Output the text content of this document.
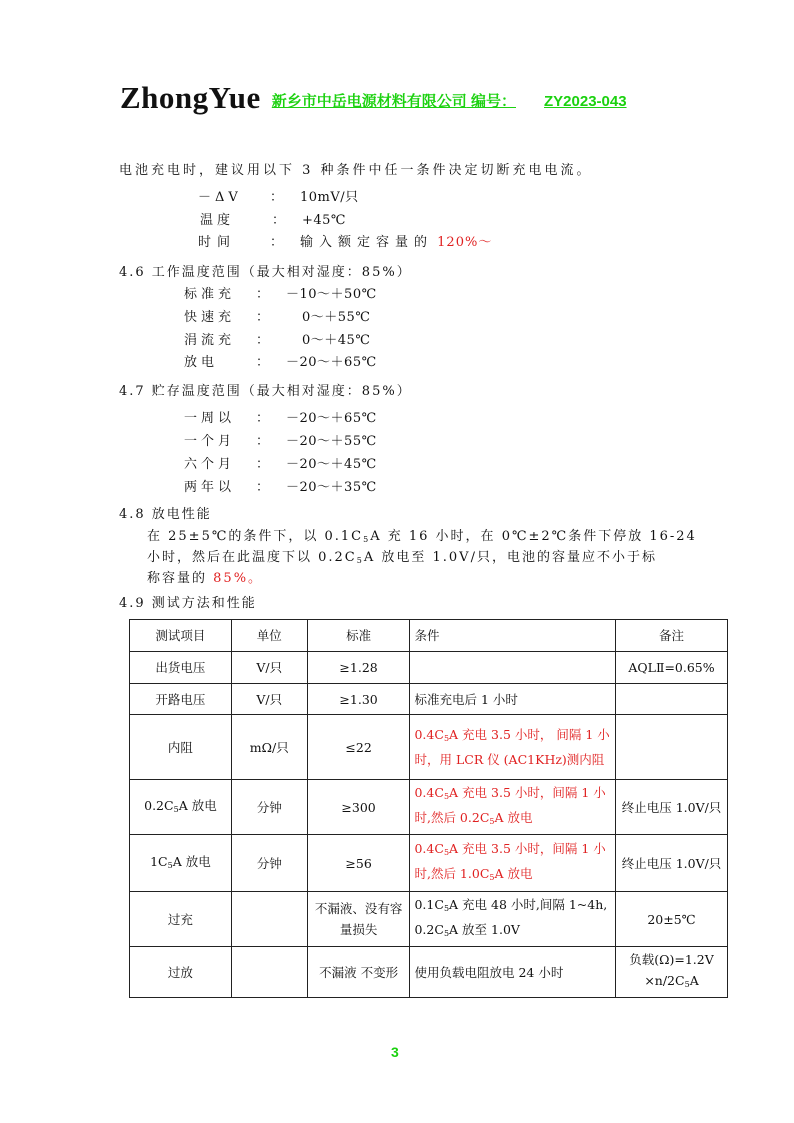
ZhongYue 新乡市中岳电源材料有限公司 编号： ZY2023-043
电池充电时，建议用以下 3 种条件中任一条件决定切断充电电流。
－ΔV ： 10mV/只
温度	： +45℃
时间	： 输入额定容量的 120%～
4.6 工作温度范围（最大相对湿度：85%）
标准充 ： －10～＋50℃
快速充 ：	0～＋55℃
涓流充 ：	0～＋45℃
放电	： －20～＋65℃
4.7 贮存温度范围（最大相对湿度：85%）
一周以 ： －20～＋65℃
一个月 ： －20～＋55℃
六个月 ： －20～＋45℃
两年以 ： －20～＋35℃
4.8 放电性能
在 25±5℃的条件下，以 $0.1C_5A$ 充 16 小时，在 0℃±2℃条件下停放 16-24
小时，然后在此温度下以 $0.2C_5A$ 放电至 1.0V/只，电池的容量应不小于标
称容量的 85%。
4.9 测试方法和性能
测试项目	单位	标准	条件	备注
出货电压	V/只	≥1.28		AQLⅡ=0.65%
开路电压	V/只	≥1.30	标准充电后 1 小时	
内阻	mΩ/只	≤22	$0.4C_5A$ 充电 3.5 小时， 间隔 1 小时，用 LCR 仪 (AC1KHz)测内阻	
$0.2C_5A$ 放电	分钟	≥300	$0.4C_5A$ 充电 3.5 小时，间隔 1 小时,然后 $0.2C_5A$ 放电	终止电压 1.0V/只
$1C_5A$ 放电	分钟	≥56	$0.4C_5A$ 充电 3.5 小时，间隔 1 小时,然后 $1.0C_5A$ 放电	终止电压 1.0V/只
过充		不漏液、没有容量损失	$0.1C_5A$ 充电 48 小时,间隔 1~4h, $0.2C_5A$ 放至 1.0V	20±5℃
过放		不漏液 不变形	使用负载电阻放电 24 小时	负载$(\Omega)=1.2V \times n/2C_5A$
3
